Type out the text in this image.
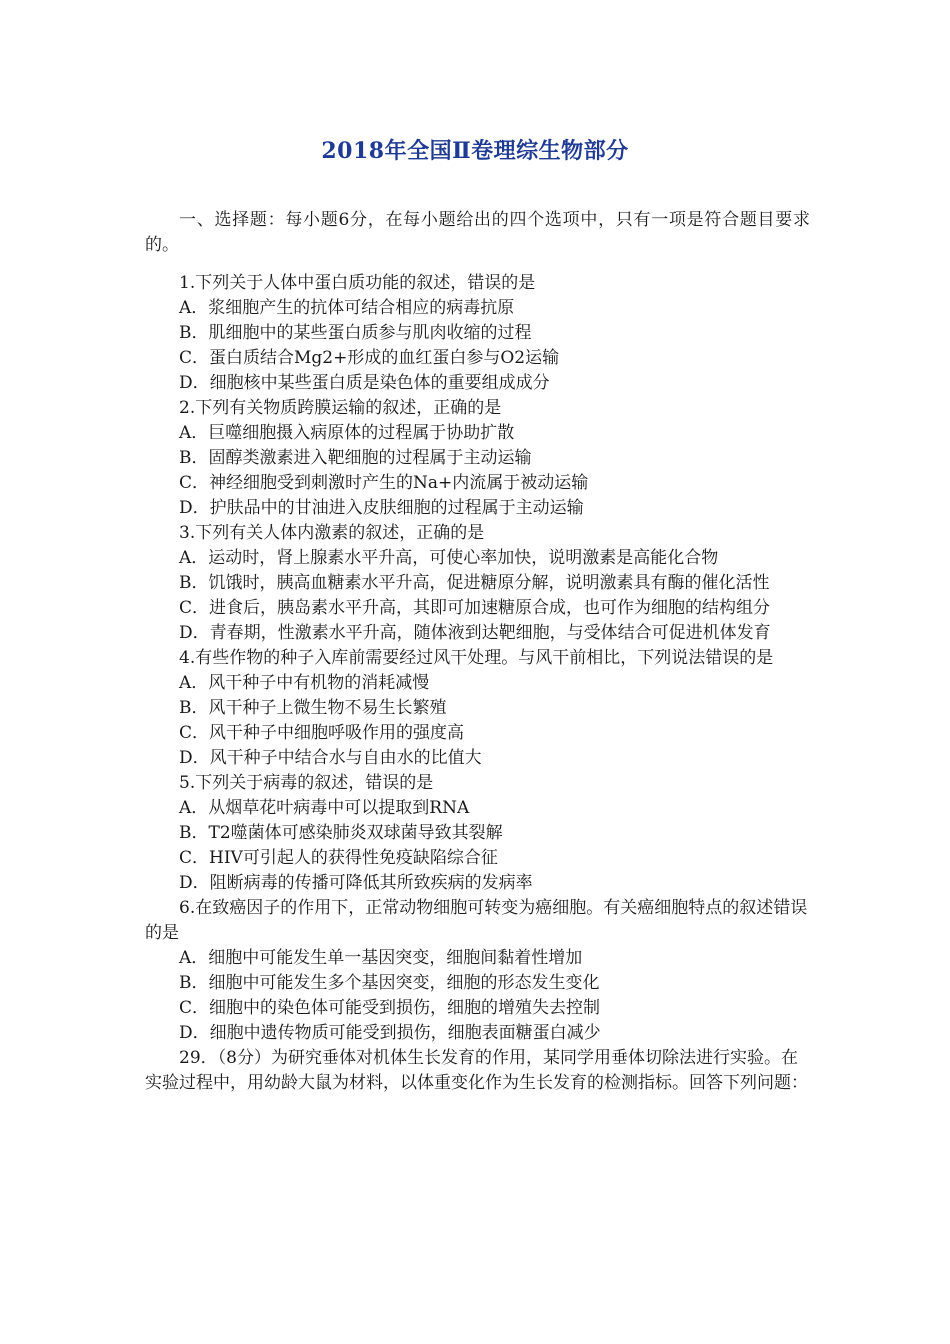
2018年全国Ⅱ卷理综生物部分

一、选择题：每小题6分，在每小题给出的四个选项中，只有一项是符合题目要求的。

1.下列关于人体中蛋白质功能的叙述，错误的是

A．浆细胞产生的抗体可结合相应的病毒抗原

B．肌细胞中的某些蛋白质参与肌肉收缩的过程

C．蛋白质结合Mg2+形成的血红蛋白参与O2运输

D．细胞核中某些蛋白质是染色体的重要组成成分

2.下列有关物质跨膜运输的叙述，正确的是

A．巨噬细胞摄入病原体的过程属于协助扩散

B．固醇类激素进入靶细胞的过程属于主动运输

C．神经细胞受到刺激时产生的Na+内流属于被动运输

D．护肤品中的甘油进入皮肤细胞的过程属于主动运输

3.下列有关人体内激素的叙述，正确的是

A．运动时，肾上腺素水平升高，可使心率加快，说明激素是高能化合物

B．饥饿时，胰高血糖素水平升高，促进糖原分解，说明激素具有酶的催化活性

C．进食后，胰岛素水平升高，其即可加速糖原合成，也可作为细胞的结构组分

D．青春期，性激素水平升高，随体液到达靶细胞，与受体结合可促进机体发育

4.有些作物的种子入库前需要经过风干处理。与风干前相比，下列说法错误的是

A．风干种子中有机物的消耗减慢

B．风干种子上微生物不易生长繁殖

C．风干种子中细胞呼吸作用的强度高

D．风干种子中结合水与自由水的比值大

5.下列关于病毒的叙述，错误的是

A．从烟草花叶病毒中可以提取到RNA

B．T2噬菌体可感染肺炎双球菌导致其裂解

C．HIV可引起人的获得性免疫缺陷综合征

D．阻断病毒的传播可降低其所致疾病的发病率

6.在致癌因子的作用下，正常动物细胞可转变为癌细胞。有关癌细胞特点的叙述错误的是

A．细胞中可能发生单一基因突变，细胞间黏着性增加

B．细胞中可能发生多个基因突变，细胞的形态发生变化

C．细胞中的染色体可能受到损伤，细胞的增殖失去控制

D．细胞中遗传物质可能受到损伤，细胞表面糖蛋白减少

29．（8分）为研究垂体对机体生长发育的作用，某同学用垂体切除法进行实验。在实验过程中，用幼龄大鼠为材料，以体重变化作为生长发育的检测指标。回答下列问题：
